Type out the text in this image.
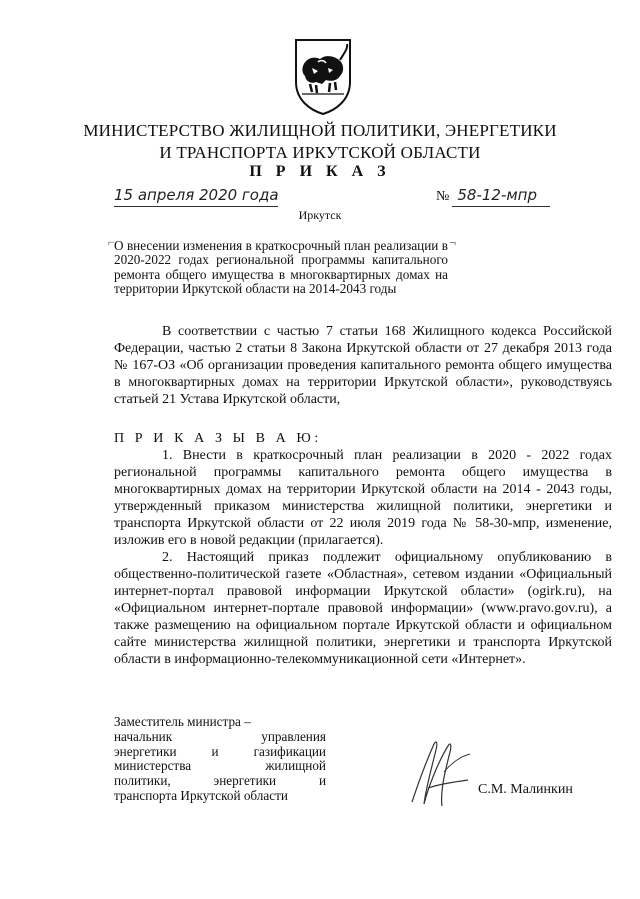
МИНИСТЕРСТВО ЖИЛИЩНОЙ ПОЛИТИКИ, ЭНЕРГЕТИКИ
И ТРАНСПОРТА ИРКУТСКОЙ ОБЛАСТИ
П Р И К А З
15 апреля 2020 года	№ 58-12-мпр
Иркутск
⌐	¬
О внесении изменения в краткосрочный план реализации в 2020-2022 годах региональной программы капитального ремонта общего имущества в многоквартирных домах на территории Иркутской области на 2014-2043 годы

В соответствии с частью 7 статьи 168 Жилищного кодекса Российской Федерации, частью 2 статьи 8 Закона Иркутской области от 27 декабря 2013 года № 167-ОЗ «Об организации проведения капитального ремонта общего имущества в многоквартирных домах на территории Иркутской области», руководствуясь статьей 21 Устава Иркутской области,

П Р И К А З Ы В А Ю:

1. Внести в краткосрочный план реализации в 2020 - 2022 годах региональной программы капитального ремонта общего имущества в многоквартирных домах на территории Иркутской области на 2014 - 2043 годы, утвержденный приказом министерства жилищной политики, энергетики и транспорта Иркутской области от 22 июля 2019 года № 58-30-мпр, изменение, изложив его в новой редакции (прилагается).

2. Настоящий приказ подлежит официальному опубликованию в общественно-политической газете «Областная», сетевом издании «Официальный интернет-портал правовой информации Иркутской области» (ogirk.ru), на «Официальном интернет-портале правовой информации» (www.pravo.gov.ru), а также размещению на официальном портале Иркутской области и официальном сайте министерства жилищной политики, энергетики и транспорта Иркутской области в информационно-телекоммуникационной сети «Интернет».

Заместитель министра –
начальник управления
энергетики и газификации
министерства жилищной
политики, энергетики и
транспорта Иркутской области	С.М. Малинкин
